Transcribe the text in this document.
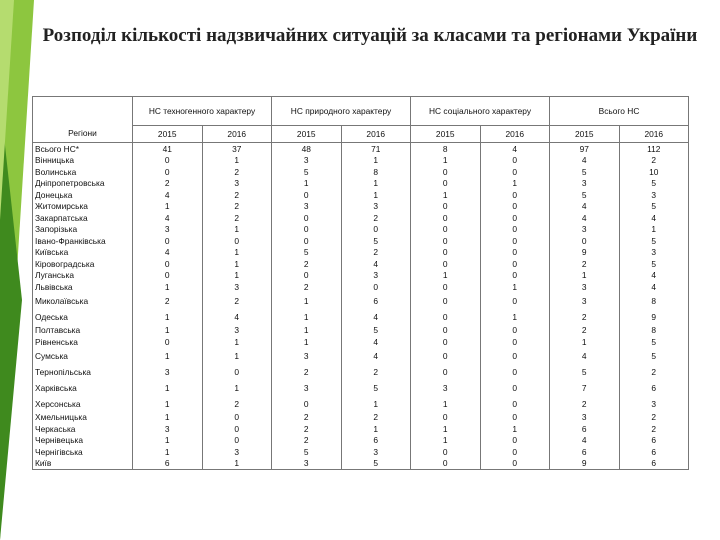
Розподіл кількості надзвичайних ситуацій за класами та регіонами України
Регіони	НС техногенного характеру		НС природного характеру		НС соціального характеру		Всього НС	
	2015	2016	2015	2016	2015	2016	2015	2016
Всього НС*	41	37	48	71	8	4	97	112
Вінницька	0	1	3	1	1	0	4	2
Волинська	0	2	5	8	0	0	5	10
Дніпропетровська	2	3	1	1	0	1	3	5
Донецька	4	2	0	1	1	0	5	3
Житомирська	1	2	3	3	0	0	4	5
Закарпатська	4	2	0	2	0	0	4	4
Запорізька	3	1	0	0	0	0	3	1
Івано-Франківська	0	0	0	5	0	0	0	5
Київська	4	1	5	2	0	0	9	3
Кіровоградська	0	1	2	4	0	0	2	5
Луганська	0	1	0	3	1	0	1	4
Львівська	1	3	2	0	0	1	3	4
Миколаївська	2	2	1	6	0	0	3	8
Одеська	1	4	1	4	0	1	2	9
Полтавська	1	3	1	5	0	0	2	8
Рівненська	0	1	1	4	0	0	1	5
Сумська	1	1	3	4	0	0	4	5
Тернопільська	3	0	2	2	0	0	5	2
Харківська	1	1	3	5	3	0	7	6
Херсонська	1	2	0	1	1	0	2	3
Хмельницька	1	0	2	2	0	0	3	2
Черкаська	3	0	2	1	1	1	6	2
Чернівецька	1	0	2	6	1	0	4	6
Чернігівська	1	3	5	3	0	0	6	6
Київ	6	1	3	5	0	0	9	6
